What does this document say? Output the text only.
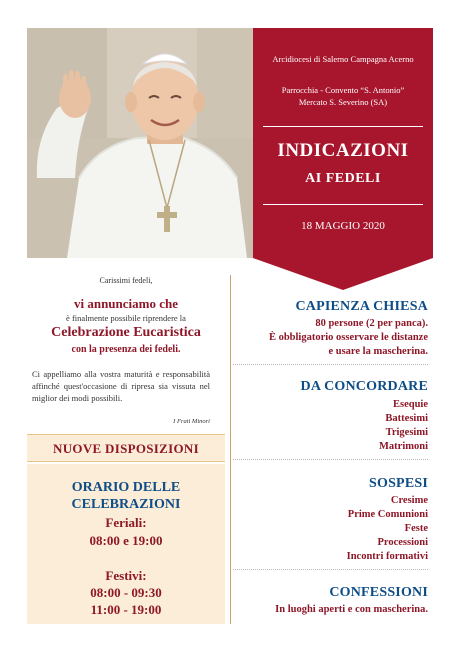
Arcidiocesi di Salerno Campagna Acerno
Parrocchia - Convento “S. Antonio”
Mercato S. Severino (SA)
INDICAZIONI
AI FEDELI
18 MAGGIO 2020
Carissimi fedeli,
vi annunciamo che
è finalmente possibile riprendere la
Celebrazione Eucaristica
con la presenza dei fedeli.
Ci appelliamo alla vostra maturità e responsabilità affinché quest'occasione di ripresa sia vissuta nel miglior dei modi possibili.
I Frati Minori
NUOVE DISPOSIZIONI
ORARIO DELLE
CELEBRAZIONI
Feriali:
08:00 e 19:00
Festivi:
08:00 - 09:30
11:00 - 19:00
CAPIENZA CHIESA
80 persone (2 per panca).
È obbligatorio osservare le distanze
e usare la mascherina.
DA CONCORDARE
Esequie
Battesimi
Trigesimi
Matrimoni
SOSPESI
Cresime
Prime Comunioni
Feste
Processioni
Incontri formativi
CONFESSIONI
In luoghi aperti e con mascherina.
